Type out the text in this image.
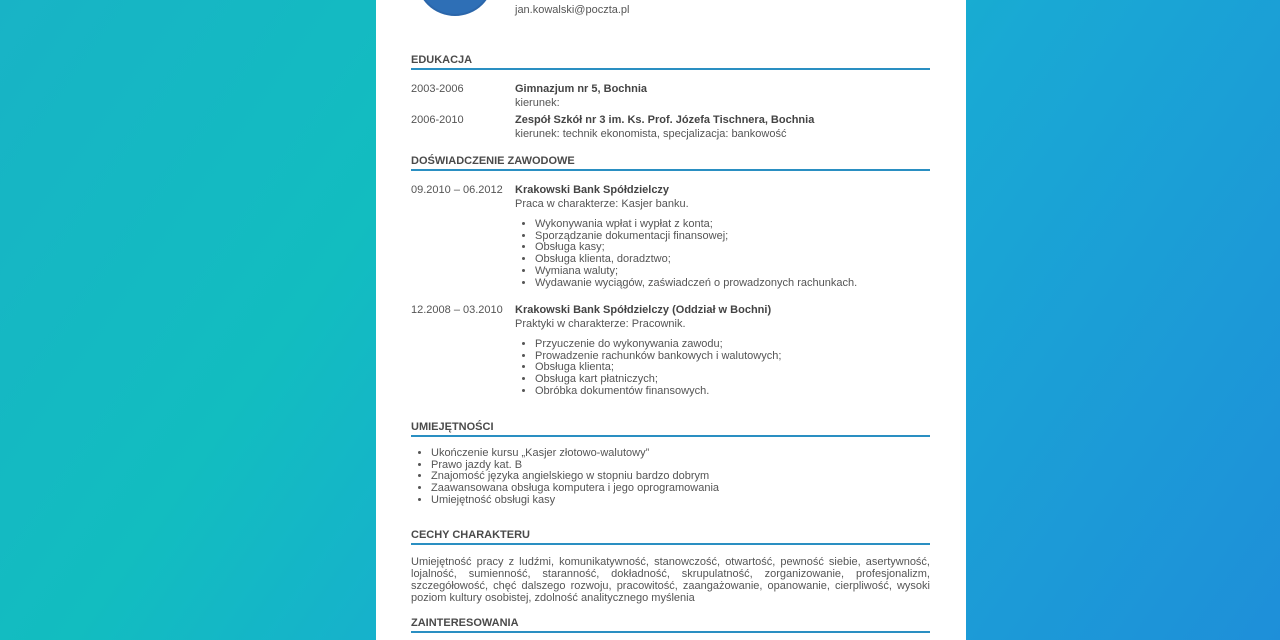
jan.kowalski@poczta.pl
EDUKACJA
2003-2006	Gimnazjum nr 5, Bochnia
kierunek:
2006-2010	Zespół Szkół nr 3 im. Ks. Prof. Józefa Tischnera, Bochnia
kierunek: technik ekonomista, specjalizacja: bankowość
DOŚWIADCZENIE ZAWODOWE
09.2010 – 06.2012 Krakowski Bank Spółdzielczy
Praca w charakterze: Kasjer banku.
• Wykonywania wpłat i wypłat z konta;
• Sporządzanie dokumentacji finansowej;
• Obsługa kasy;
• Obsługa klienta, doradztwo;
• Wymiana waluty;
• Wydawanie wyciągów, zaświadczeń o prowadzonych rachunkach.
12.2008 – 03.2010 Krakowski Bank Spółdzielczy (Oddział w Bochni)
Praktyki w charakterze: Pracownik.
• Przyuczenie do wykonywania zawodu;
• Prowadzenie rachunków bankowych i walutowych;
• Obsługa klienta;
• Obsługa kart płatniczych;
• Obróbka dokumentów finansowych.
UMIEJĘTNOŚCI
• Ukończenie kursu „Kasjer złotowo-walutowy”
• Prawo jazdy kat. B
• Znajomość języka angielskiego w stopniu bardzo dobrym
• Zaawansowana obsługa komputera i jego oprogramowania
• Umiejętność obsługi kasy
CECHY CHARAKTERU
Umiejętność pracy z ludźmi, komunikatywność, stanowczość, otwartość, pewność siebie, asertywność, lojalność, sumienność, staranność, dokładność, skrupulatność, zorganizowanie, profesjonalizm, szczegółowość, chęć dalszego rozwoju, pracowitość, zaangażowanie, opanowanie, cierpliwość, wysoki poziom kultury osobistej, zdolność analitycznego myślenia
ZAINTERESOWANIA
